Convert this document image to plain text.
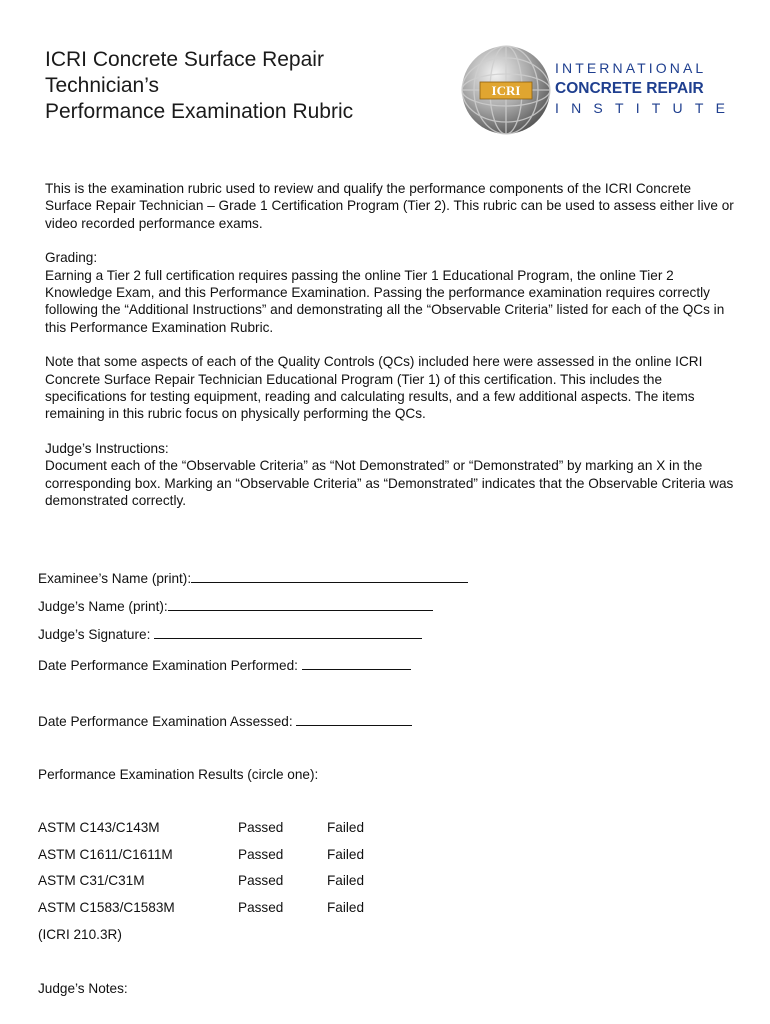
ICRI Concrete Surface Repair
Technician’s
Performance Examination Rubric
ICRI
INTERNATIONAL
CONCRETE REPAIR
INSTITUTE

This is the examination rubric used to review and qualify the performance components of the ICRI Concrete Surface Repair Technician – Grade 1 Certification Program (Tier 2). This rubric can be used to assess either live or video recorded performance exams.

Grading:
Earning a Tier 2 full certification requires passing the online Tier 1 Educational Program, the online Tier 2 Knowledge Exam, and this Performance Examination. Passing the performance examination requires correctly following the “Additional Instructions” and demonstrating all the “Observable Criteria” listed for each of the QCs in this Performance Examination Rubric.

Note that some aspects of each of the Quality Controls (QCs) included here were assessed in the online ICRI Concrete Surface Repair Technician Educational Program (Tier 1) of this certification. This includes the specifications for testing equipment, reading and calculating results, and a few additional aspects. The items remaining in this rubric focus on physically performing the QCs.

Judge’s Instructions:
Document each of the “Observable Criteria” as “Not Demonstrated” or “Demonstrated” by marking an X in the corresponding box. Marking an “Observable Criteria” as “Demonstrated” indicates that the Observable Criteria was demonstrated correctly.

Examinee’s Name (print):
Judge’s Name (print):
Judge’s Signature:
Date Performance Examination Performed:
Date Performance Examination Assessed:
Performance Examination Results (circle one):
ASTM C143/C143M	Passed	Failed
ASTM C1611/C1611M	Passed	Failed
ASTM C31/C31M	Passed	Failed
ASTM C1583/C1583M	Passed	Failed
(ICRI 210.3R)
Judge’s Notes:
